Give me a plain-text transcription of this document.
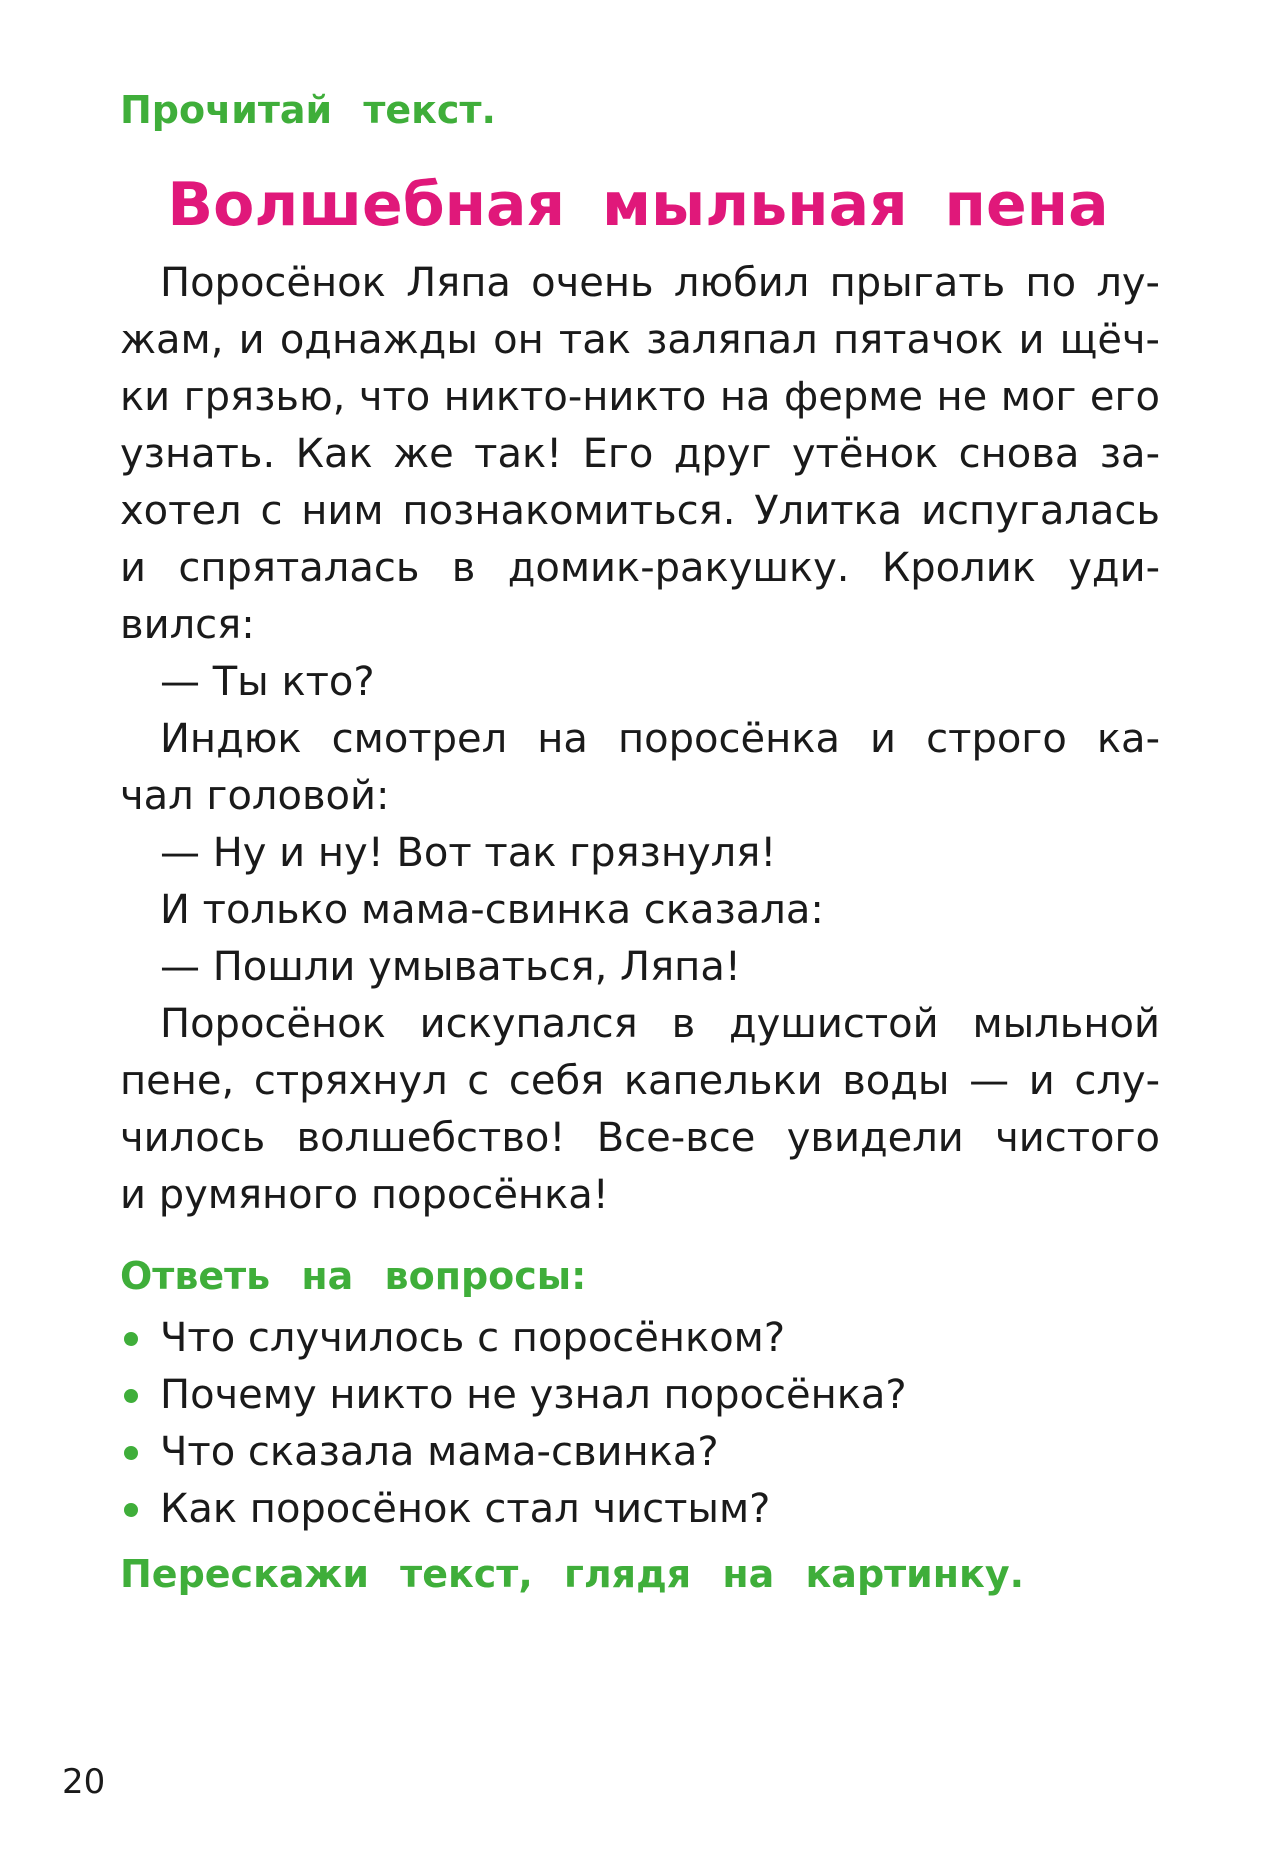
Прочитай текст.
Волшебная мыльная пена
Поросёнок Ляпа очень любил прыгать по лу-
жам, и однажды он так заляпал пятачок и щёч-
ки грязью, что никто-никто на ферме не мог его
узнать. Как же так! Его друг утёнок снова за-
хотел с ним познакомиться. Улитка испугалась
и спряталась в домик-ракушку. Кролик уди-
вился:
— Ты кто?
Индюк смотрел на поросёнка и строго ка-
чал головой:
— Ну и ну! Вот так грязнуля!
И только мама-свинка сказала:
— Пошли умываться, Ляпа!
Поросёнок искупался в душистой мыльной
пене, стряхнул с себя капельки воды — и слу-
чилось волшебство! Все-все увидели чистого
и румяного поросёнка!
Ответь на вопросы:
Что случилось с поросёнком?
Почему никто не узнал поросёнка?
Что сказала мама-свинка?
Как поросёнок стал чистым?
Перескажи текст, глядя на картинку.
20
